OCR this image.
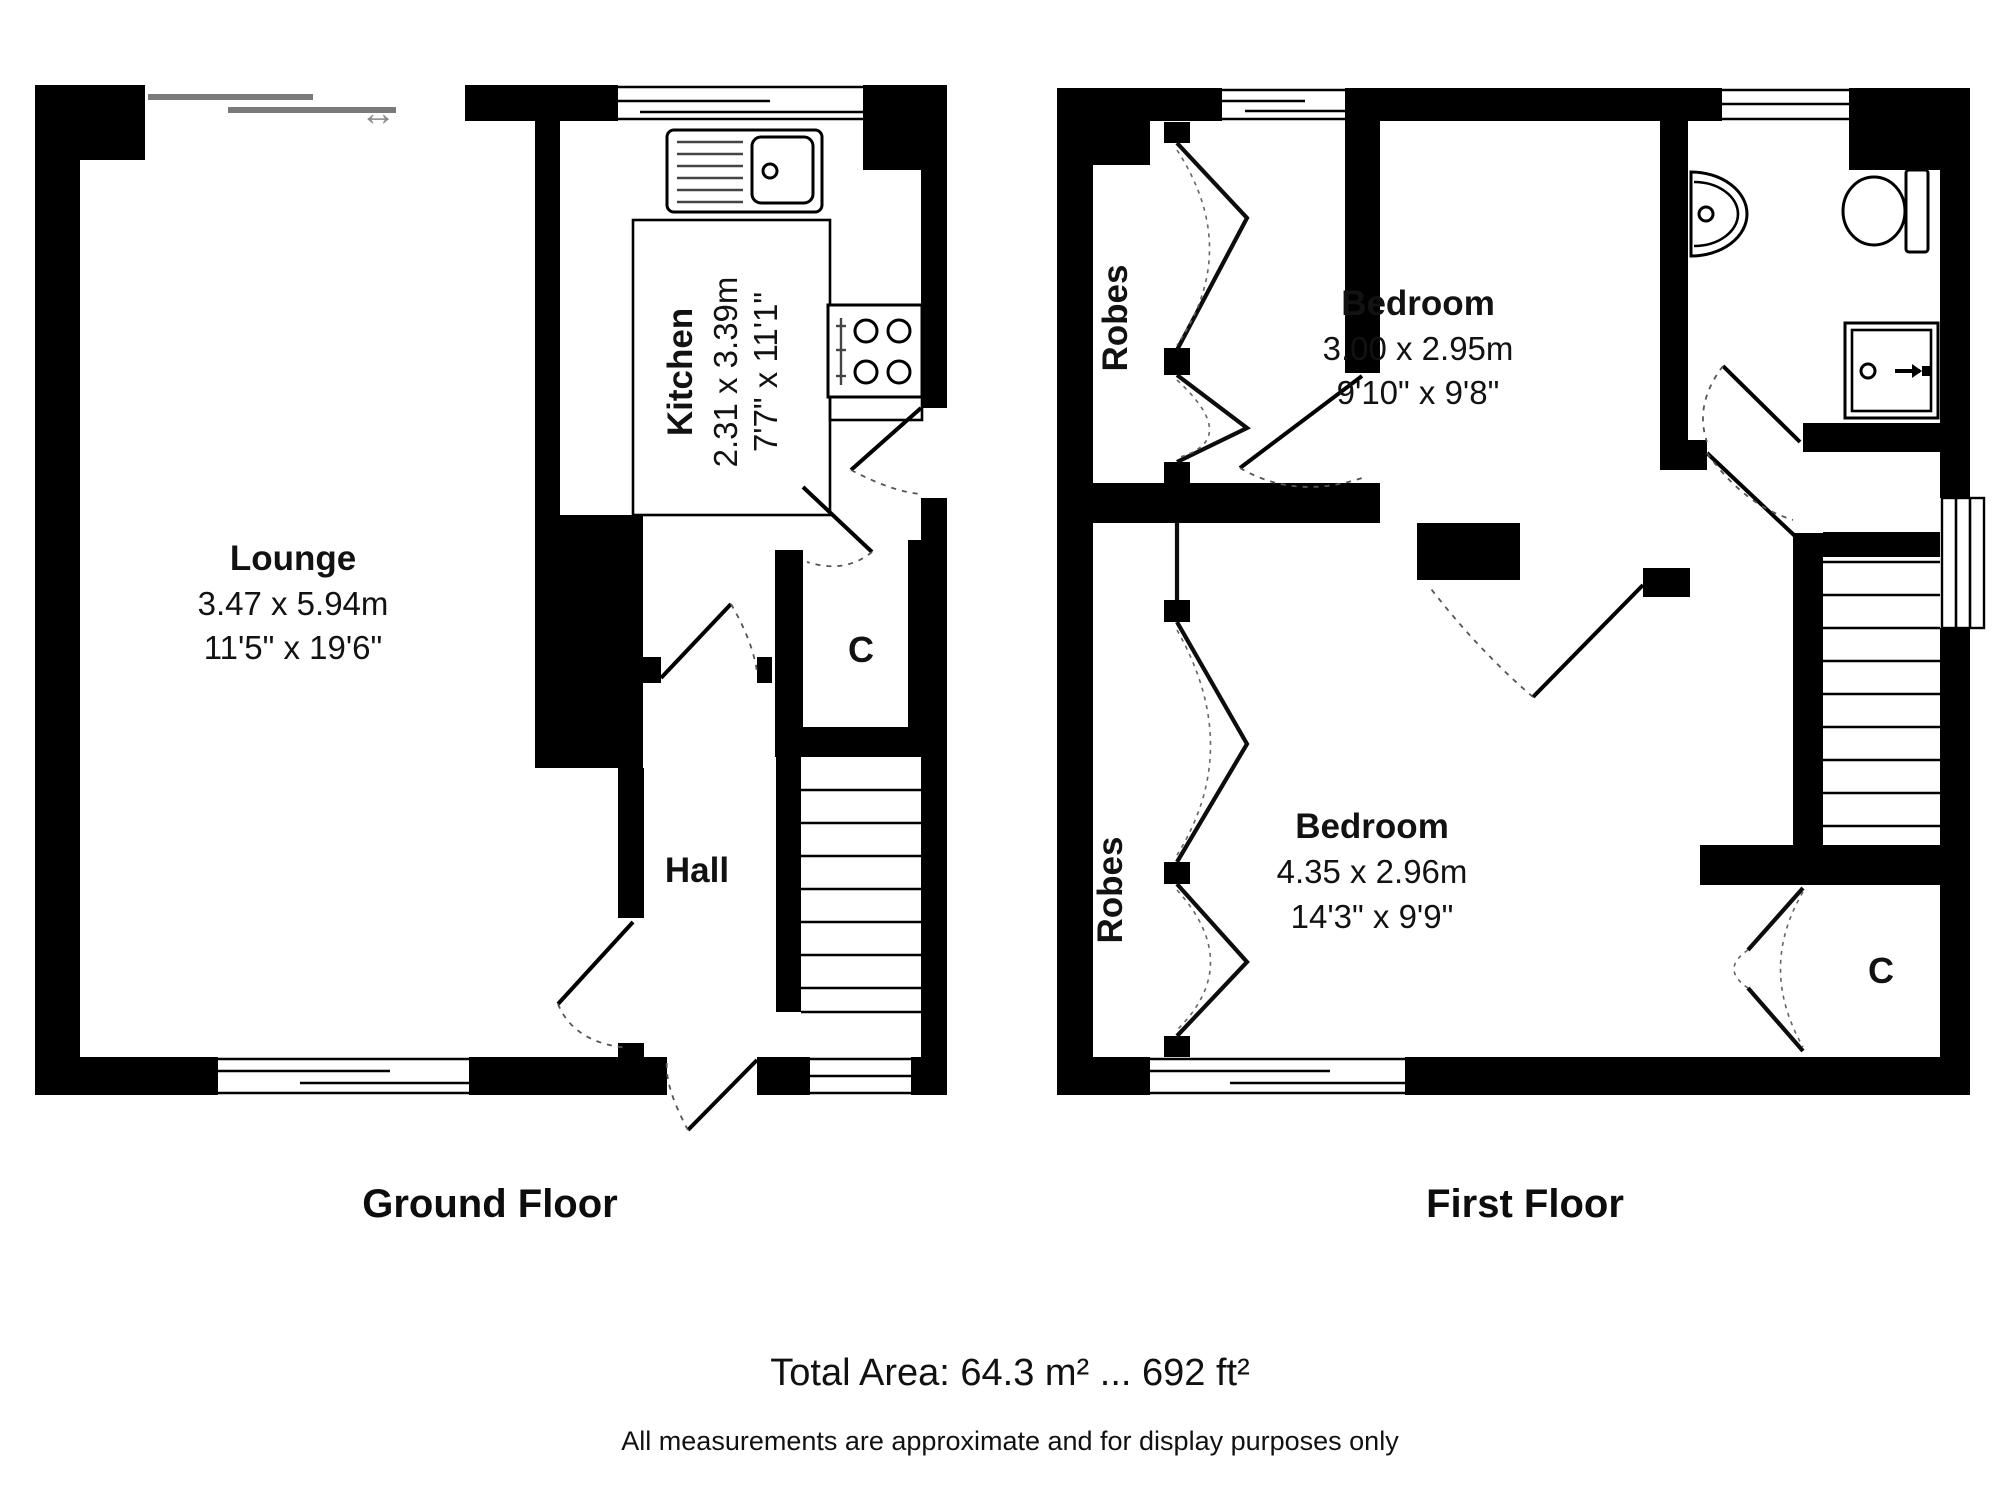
↔
Lounge
3.47 x 5.94m
11'5" x 19'6"
Kitchen 2.31 x 3.39m 7'7" x 11'1"
Hall
C
Ground Floor
Bedroom
3.00 x 2.95m
9'10" x 9'8"
Robes
Robes
Bedroom
4.35 x 2.96m
14'3" x 9'9"
C
First Floor
Total Area: 64.3 m² ... 692 ft²
All measurements are approximate and for display purposes only
